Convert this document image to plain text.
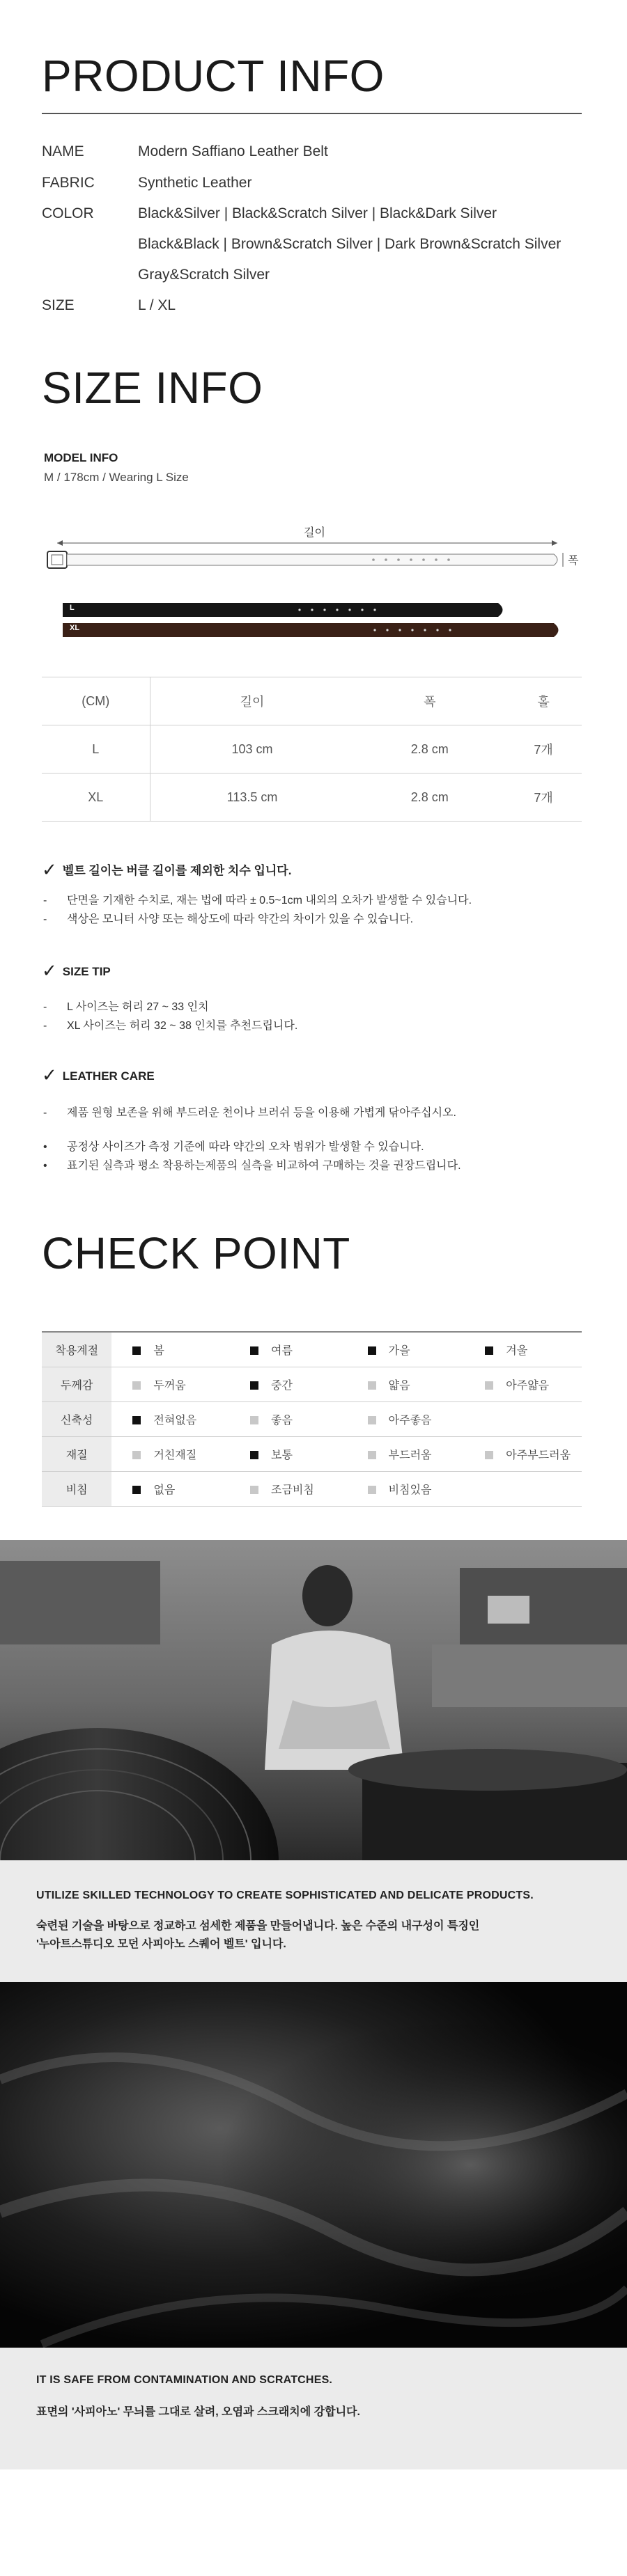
PRODUCT INFO
NAME	Modern Saffiano Leather Belt
FABRIC	Synthetic Leather
COLOR	Black&Silver | Black&Scratch Silver | Black&Dark Silver
Black&Black | Brown&Scratch Silver | Dark Brown&Scratch Silver
Gray&Scratch Silver
SIZE	L / XL
SIZE INFO
MODEL INFO
M / 178cm / Wearing L Size
길이
폭
L
XL
(CM)	길이	폭	홀
L	103 cm	2.8 cm	7개
XL	113.5 cm	2.8 cm	7개
✓ 벨트 길이는 버클 길이를 제외한 치수 입니다.
- 단면을 기재한 수치로, 재는 법에 따라 ± 0.5~1cm 내외의 오차가 발생할 수 있습니다.
- 색상은 모니터 사양 또는 해상도에 따라 약간의 차이가 있을 수 있습니다.
✓ SIZE TIP
- L 사이즈는 허리 27 ~ 33 인치
- XL 사이즈는 허리 32 ~ 38 인치를 추천드립니다.
✓ LEATHER CARE
- 제품 원형 보존을 위해 부드러운 천이나 브러쉬 등을 이용해 가볍게 닦아주십시오.
• 공정상 사이즈가 측정 기준에 따라 약간의 오차 범위가 발생할 수 있습니다.
• 표기된 실측과 평소 착용하는제품의 실측을 비교하여 구매하는 것을 권장드립니다.
CHECK POINT
착용계절	봄	여름	가을	겨울
두께감	두꺼움	중간	얇음	아주얇음
신축성	전혀없음	좋음	아주좋음	
재질	거친재질	보통	부드러움	아주부드러움
비침	없음	조금비침	비침있음	
UTILIZE SKILLED TECHNOLOGY TO CREATE SOPHISTICATED AND DELICATE PRODUCTS.
숙련된 기술을 바탕으로 정교하고 섬세한 제품을 만들어냅니다. 높은 수준의 내구성이 특징인
'누아트스튜디오 모던 사피아노 스퀘어 벨트' 입니다.
IT IS SAFE FROM CONTAMINATION AND SCRATCHES.
표면의 '사피아노' 무늬를 그대로 살려, 오염과 스크래치에 강합니다.
